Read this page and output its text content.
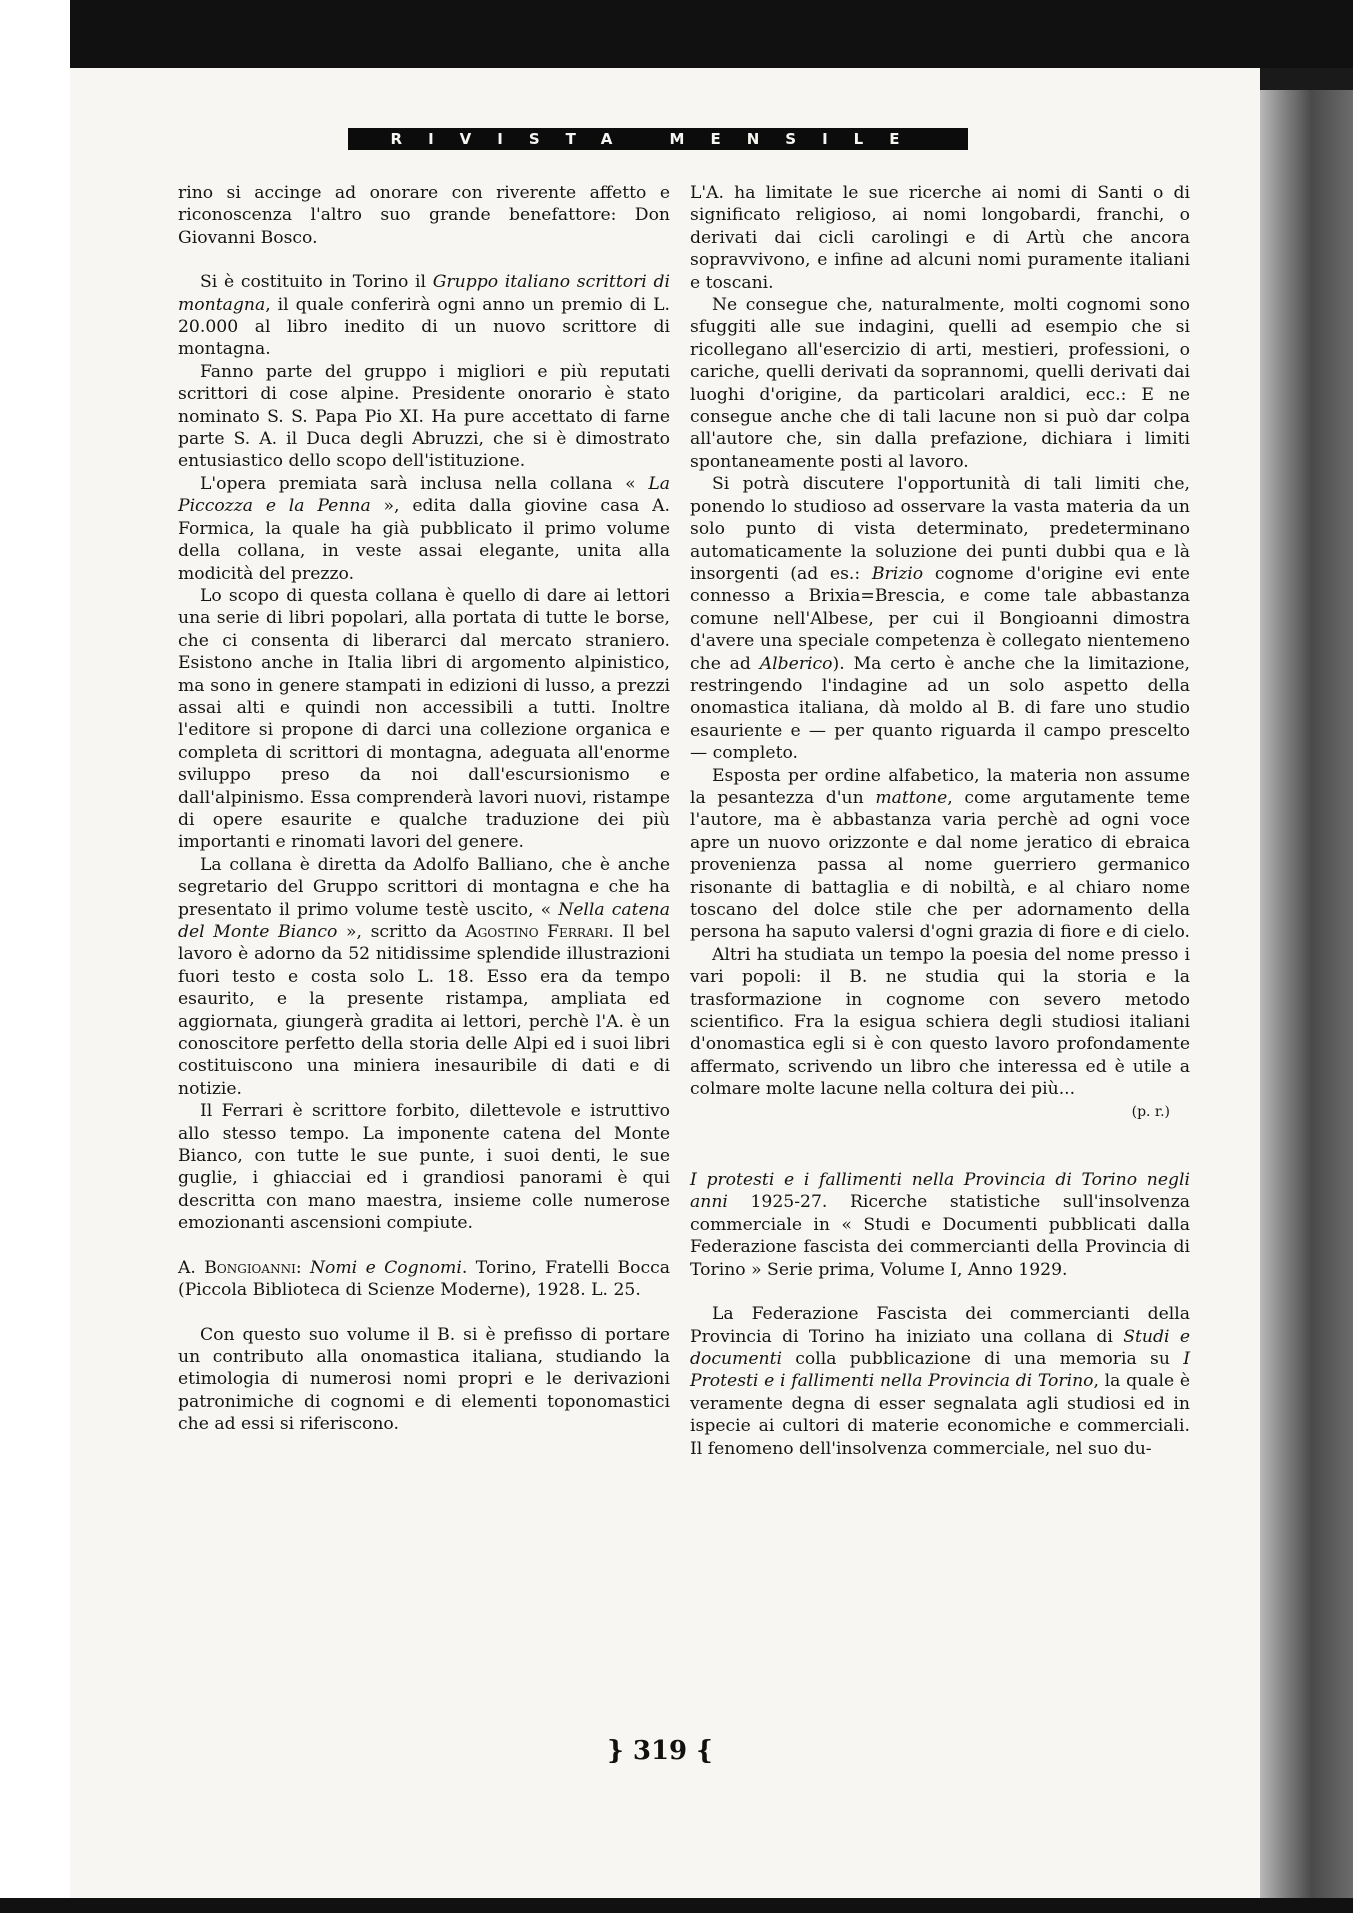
RIVISTA MENSILE

rino si accinge ad onorare con riverente affetto e riconoscenza l'altro suo grande benefattore: Don Giovanni Bosco.

Si è costituito in Torino il Gruppo italiano scrittori di montagna, il quale conferirà ogni anno un premio di L. 20.000 al libro inedito di un nuovo scrittore di montagna.

Fanno parte del gruppo i migliori e più reputati scrittori di cose alpine. Presidente onorario è stato nominato S. S. Papa Pio XI. Ha pure accettato di farne parte S. A. il Duca degli Abruzzi, che si è dimostrato entusiastico dello scopo dell'istituzione.

L'opera premiata sarà inclusa nella collana « La Piccozza e la Penna », edita dalla giovine casa A. Formica, la quale ha già pubblicato il primo volume della collana, in veste assai elegante, unita alla modicità del prezzo.

Lo scopo di questa collana è quello di dare ai lettori una serie di libri popolari, alla portata di tutte le borse, che ci consenta di liberarci dal mercato straniero. Esistono anche in Italia libri di argomento alpinistico, ma sono in genere stampati in edizioni di lusso, a prezzi assai alti e quindi non accessibili a tutti. Inoltre l'editore si propone di darci una collezione organica e completa di scrittori di montagna, adeguata all'enorme sviluppo preso da noi dall'escursionismo e dall'alpinismo. Essa comprenderà lavori nuovi, ristampe di opere esaurite e qualche traduzione dei più importanti e rinomati lavori del genere.

La collana è diretta da Adolfo Balliano, che è anche segretario del Gruppo scrittori di montagna e che ha presentato il primo volume testè uscito, « Nella catena del Monte Bianco », scritto da Agostino Ferrari. Il bel lavoro è adorno da 52 nitidissime splendide illustrazioni fuori testo e costa solo L. 18. Esso era da tempo esaurito, e la presente ristampa, ampliata ed aggiornata, giungerà gradita ai lettori, perchè l'A. è un conoscitore perfetto della storia delle Alpi ed i suoi libri costituiscono una miniera inesauribile di dati e di notizie.

Il Ferrari è scrittore forbito, dilettevole e istruttivo allo stesso tempo. La imponente catena del Monte Bianco, con tutte le sue punte, i suoi denti, le sue guglie, i ghiacciai ed i grandiosi panorami è qui descritta con mano maestra, insieme colle numerose emozionanti ascensioni compiute.

A. Bongioanni: Nomi e Cognomi. Torino, Fratelli Bocca (Piccola Biblioteca di Scienze Moderne), 1928. L. 25.

Con questo suo volume il B. si è prefisso di portare un contributo alla onomastica italiana, studiando la etimologia di numerosi nomi propri e le derivazioni patronimiche di cognomi e di elementi toponomastici che ad essi si riferiscono.

L'A. ha limitate le sue ricerche ai nomi di Santi o di significato religioso, ai nomi longobardi, franchi, o derivati dai cicli carolingi e di Artù che ancora sopravvivono, e infine ad alcuni nomi puramente italiani e toscani.

Ne consegue che, naturalmente, molti cognomi sono sfuggiti alle sue indagini, quelli ad esempio che si ricollegano all'esercizio di arti, mestieri, professioni, o cariche, quelli derivati da soprannomi, quelli derivati dai luoghi d'origine, da particolari araldici, ecc.: E ne consegue anche che di tali lacune non si può dar colpa all'autore che, sin dalla prefazione, dichiara i limiti spontaneamente posti al lavoro.

Si potrà discutere l'opportunità di tali limiti che, ponendo lo studioso ad osservare la vasta materia da un solo punto di vista determinato, predeterminano automaticamente la soluzione dei punti dubbi qua e là insorgenti (ad es.: Brizio cognome d'origine evi ente connesso a Brixia=Brescia, e come tale abbastanza comune nell'Albese, per cui il Bongioanni dimostra d'avere una speciale competenza è collegato nientemeno che ad Alberico). Ma certo è anche che la limitazione, restringendo l'indagine ad un solo aspetto della onomastica italiana, dà moldo al B. di fare uno studio esauriente e — per quanto riguarda il campo prescelto — completo.

Esposta per ordine alfabetico, la materia non assume la pesantezza d'un mattone, come argutamente teme l'autore, ma è abbastanza varia perchè ad ogni voce apre un nuovo orizzonte e dal nome jeratico di ebraica provenienza passa al nome guerriero germanico risonante di battaglia e di nobiltà, e al chiaro nome toscano del dolce stile che per adornamento della persona ha saputo valersi d'ogni grazia di fiore e di cielo.

Altri ha studiata un tempo la poesia del nome presso i vari popoli: il B. ne studia qui la storia e la trasformazione in cognome con severo metodo scientifico. Fra la esigua schiera degli studiosi italiani d'onomastica egli si è con questo lavoro profondamente affermato, scrivendo un libro che interessa ed è utile a colmare molte lacune nella coltura dei più...

(p. r.)

I protesti e i fallimenti nella Provincia di Torino negli anni 1925-27. Ricerche statistiche sull'insolvenza commerciale in « Studi e Documenti pubblicati dalla Federazione fascista dei commercianti della Provincia di Torino » Serie prima, Volume I, Anno 1929.

La Federazione Fascista dei commercianti della Provincia di Torino ha iniziato una collana di Studi e documenti colla pubblicazione di una memoria su I Protesti e i fallimenti nella Provincia di Torino, la quale è veramente degna di esser segnalata agli studiosi ed in ispecie ai cultori di materie economiche e commerciali. Il fenomeno dell'insolvenza commerciale, nel suo du-

} 319 {
